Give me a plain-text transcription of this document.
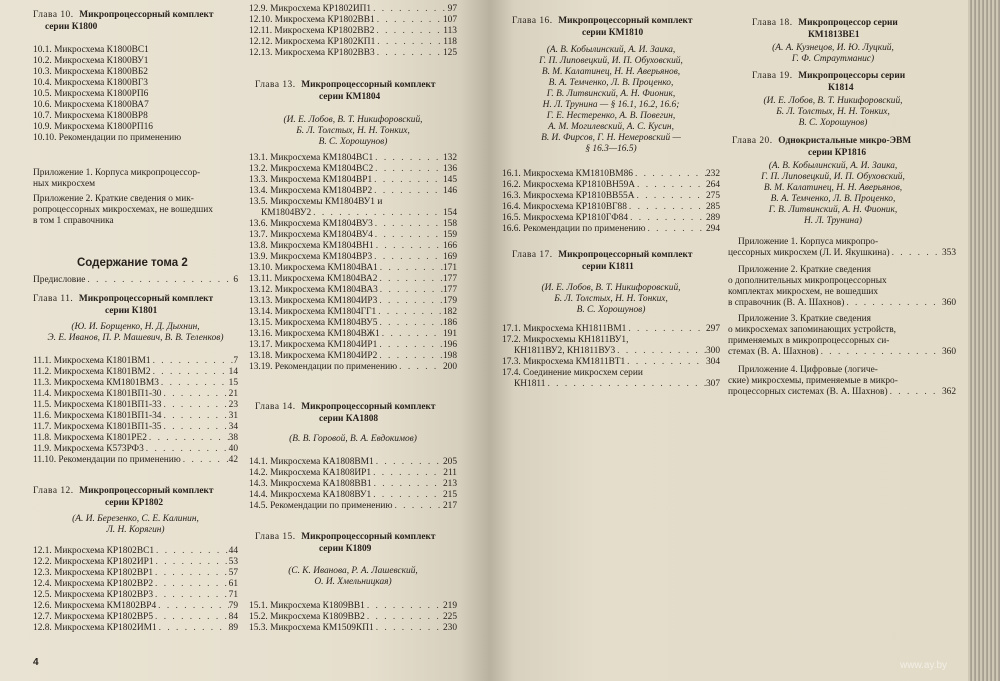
Глава 10. Микропроцессорный комплект
серии К1800
10.1. Микросхема К1800ВС1
10.2. Микросхема К1800ВУ1
10.3. Микросхема К1800ВБ2
10.4. Микросхема К1800ВГ3
10.5. Микросхема К1800РП6
10.6. Микросхема К1800ВА7
10.7. Микросхема К1800ВР8
10.9. Микросхема К1800РП16
10.10. Рекомендации по применению
Приложение 1. Корпуса микропроцессор-
ных микросхем
Приложение 2. Краткие сведения о мик-
ропроцессорных микросхемах, не вошедших
в том 1 справочника
Содержание тома 2
Предисловие . . .	6
Глава 11. Микропроцессорный комплект
серии К1801
(Ю. И. Борщенко, Н. Д. Дыхнин,
Э. Е. Иванов, П. Р. Машевич, В. В. Теленков)
11.1. Микросхема К1801ВМ1 . . .	7
11.2. Микросхема К1801ВМ2 . . .	14
11.3. Микросхема КМ1801ВМ3 . . .	15
11.4. Микросхема К1801ВП1-30 . . .	21
11.5. Микросхема К1801ВП1-33 . . .	23
11.6. Микросхема К1801ВП1-34 . . .	31
11.7. Микросхема К1801ВП1-35 . . .	34
11.8. Микросхема К1801РЕ2 . . .	38
11.9. Микросхема К573РФ3 . . .	40
11.10. Рекомендации по применению . . .	42
Глава 12. Микропроцессорный комплект
серии КР1802
(А. И. Березенко, С. Е. Калинин,
Л. Н. Корягин)
12.1. Микросхема КР1802ВС1 . . .	44
12.2. Микросхема КР1802ИР1 . . .	53
12.3. Микросхема КР1802ВР1 . . .	57
12.4. Микросхема КР1802ВР2 . . .	61
12.5. Микросхема КР1802ВР3 . . .	71
12.6. Микросхема КМ1802ВР4 . . .	79
12.7. Микросхема КР1802ВР5 . . .	84
12.8. Микросхема КР1802ИМ1 . . .	89
12.9. Микросхема КР1802ИП1 . . .	97
12.10. Микросхема КР1802ВВ1 . . .	107
12.11. Микросхема КР1802ВВ2 . . .	113
12.12. Микросхема КР1802КП1 . . .	118
12.13. Микросхема КР1802ВВ3 . . .	125
Глава 13. Микропроцессорный комплект
серии КМ1804
(И. Е. Лобов, В. Т. Никифоровский,
Б. Л. Толстых, Н. Н. Тонких,
В. С. Хорошунов)
13.1. Микросхема КМ1804ВС1 . . .	132
13.2. Микросхема КМ1804ВС2 . . .	136
13.3. Микросхема КМ1804ВР1 . . .	145
13.4. Микросхема КМ1804ВР2 . . .	146
13.5. Микросхемы КМ1804ВУ1 и
КМ1804ВУ2 . . .	154
13.6. Микросхема КМ1804ВУ3 . . .	158
13.7. Микросхема КМ1804ВУ4 . . .	159
13.8. Микросхема КМ1804ВН1 . . .	166
13.9. Микросхема КМ1804ВР3 . . .	169
13.10. Микросхема КМ1804ВА1 . . .	171
13.11. Микросхема КМ1804ВА2 . . .	177
13.12. Микросхема КМ1804ВА3 . . .	177
13.13. Микросхема КМ1804ИР3 . . .	179
13.14. Микросхема КМ1804ГГ1 . . .	182
13.15. Микросхема КМ1804ВУ5 . . .	186
13.16. Микросхема КМ1804ВЖ1 . . .	191
13.17. Микросхема КМ1804ИР1 . . .	196
13.18. Микросхема КМ1804ИР2 . . .	198
13.19. Рекомендации по применению . . .	200
Глава 14. Микропроцессорный комплект
серии КА1808
(В. В. Горовой, В. А. Евдокимов)
14.1. Микросхема КА1808ВМ1 . . .	205
14.2. Микросхема КА1808ИР1 . . .	211
14.3. Микросхема КА1808ВВ1 . . .	213
14.4. Микросхема КА1808ВУ1 . . .	215
14.5. Рекомендации по применению . . .	217
Глава 15. Микропроцессорный комплект
серии К1809
(С. К. Иванова, Р. А. Лашевский,
О. И. Хмельницкая)
15.1. Микросхема К1809ВВ1 . . .	219
15.2. Микросхема К1809ВВ2 . . .	225
15.3. Микросхема КМ1509КП1 . . .	230
4
Глава 16. Микропроцессорный комплект
серии КМ1810
(А. В. Кобылинский, А. И. Заика,
Г. П. Липовецкий, И. П. Обуховский,
В. М. Калатинец, Н. Н. Аверьянов,
В. А. Темченко, Л. В. Проценко,
Г. В. Литвинский, А. Н. Фионик,
Н. Л. Трунина — § 16.1, 16.2, 16.6;
Г. Е. Нестеренко, А. В. Повегин,
А. М. Могилевский, А. С. Кусин,
В. И. Фирсов, Г. Н. Немеровский —
§ 16.3—16.5)
16.1. Микросхема КМ1810ВМ86 . . .	232
16.2. Микросхема КР1810ВН59А . . .	264
16.3. Микросхема КР1810ВВ55А . . .	275
16.4. Микросхема КР1810ВГ88 . . .	285
16.5. Микросхема КР1810ГФ84 . . .	289
16.6. Рекомендации по применению . . .	294
Глава 17. Микропроцессорный комплект
серии К1811
(И. Е. Лобов, В. Т. Никифоровский,
Б. Л. Толстых, Н. Н. Тонких,
В. С. Хорошунов)
17.1. Микросхема КН1811ВМ1 . . .	297
17.2. Микросхемы КН1811ВУ1,
КН1811ВУ2, КН1811ВУ3 . . .	300
17.3. Микросхема КМ1811ВТ1 . . .	304
17.4. Соединение микросхем серии
КН1811 . . .	307
Глава 18. Микропроцессор серии
КМ1813ВЕ1
(А. А. Кузнецов, И. Ю. Луцкий,
Г. Ф. Страутманис)
Глава 19. Микропроцессоры серии
К1814
(И. Е. Лобов, В. Т. Никифоровский,
Б. Л. Толстых, Н. Н. Тонких,
В. С. Хорошунов)
Глава 20. Однокристальные микро-ЭВМ
серии КР1816
(А. В. Кобылинский, А. И. Заика,
Г. П. Липовецкий, И. П. Обуховский,
В. М. Калатинец, Н. Н. Аверьянов,
В. А. Темченко, Л. В. Проценко,
Г. В. Литвинский, А. Н. Фионик,
Н. Л. Трунина)
Приложение 1. Корпуса микропро-
цессорных микросхем (Л. И. Якушкина) . . .	353
Приложение 2. Краткие сведения
о дополнительных микропроцессорных
комплектах микросхем, не вошедших
в справочник (В. А. Шахнов) . . .	360
Приложение 3. Краткие сведения
о микросхемах запоминающих устройств,
применяемых в микропроцессорных си-
стемах (В. А. Шахнов) . . .	360
Приложение 4. Цифровые (логиче-
ские) микросхемы, применяемые в микро-
процессорных системах (В. А. Шахнов) . . .	362
www.ay.by
